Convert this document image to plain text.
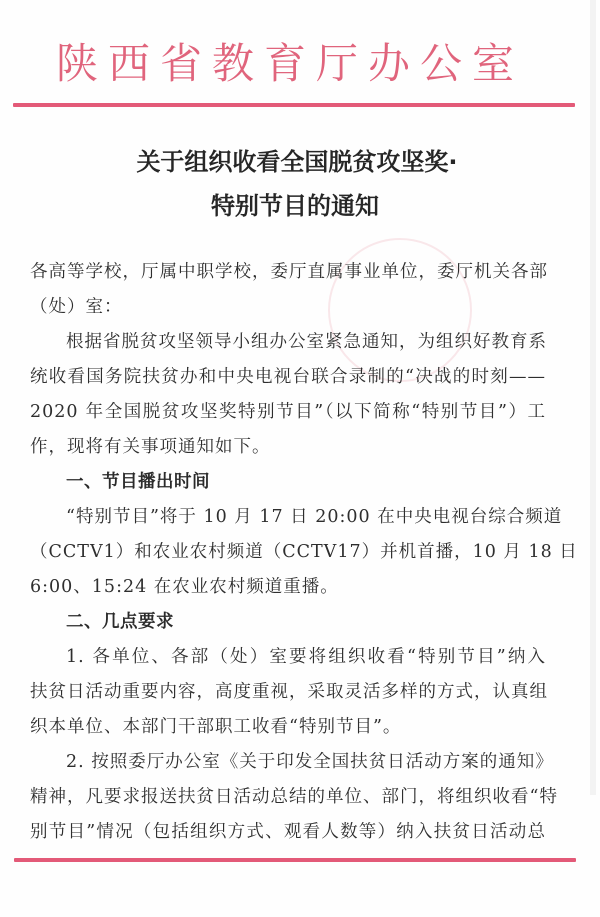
陕西省教育厅办公室
关于组织收看全国脱贫攻坚奖·
特别节目的通知
各高等学校，厅属中职学校，委厅直属事业单位，委厅机关各部
（处）室：
根据省脱贫攻坚领导小组办公室紧急通知，为组织好教育系
统收看国务院扶贫办和中央电视台联合录制的“决战的时刻——
2020 年全国脱贫攻坚奖特别节目”（以下简称“特别节目”）工
作，现将有关事项通知如下。
一、节目播出时间
“特别节目”将于 10 月 17 日 20:00 在中央电视台综合频道
（CCTV1）和农业农村频道（CCTV17）并机首播，10 月 18 日
6:00、15:24 在农业农村频道重播。
二、几点要求
1. 各单位、各部（处）室要将组织收看“特别节目”纳入
扶贫日活动重要内容，高度重视，采取灵活多样的方式，认真组
织本单位、本部门干部职工收看“特别节目”。
2. 按照委厅办公室《关于印发全国扶贫日活动方案的通知》
精神，凡要求报送扶贫日活动总结的单位、部门，将组织收看“特
别节目”情况（包括组织方式、观看人数等）纳入扶贫日活动总
